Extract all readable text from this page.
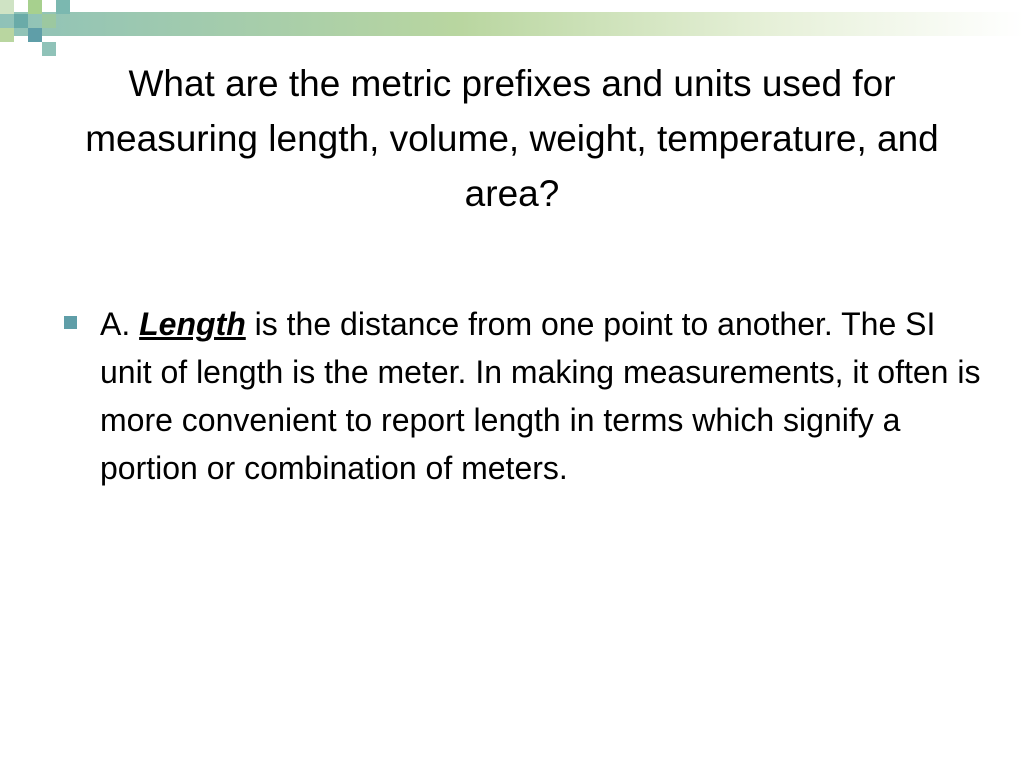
What are the metric prefixes and units used for measuring length, volume, weight, temperature, and area?

A. Length is the distance from one point to another. The SI unit of length is the meter. In making measurements, it often is more convenient to report length in terms which signify a portion or combination of meters.
